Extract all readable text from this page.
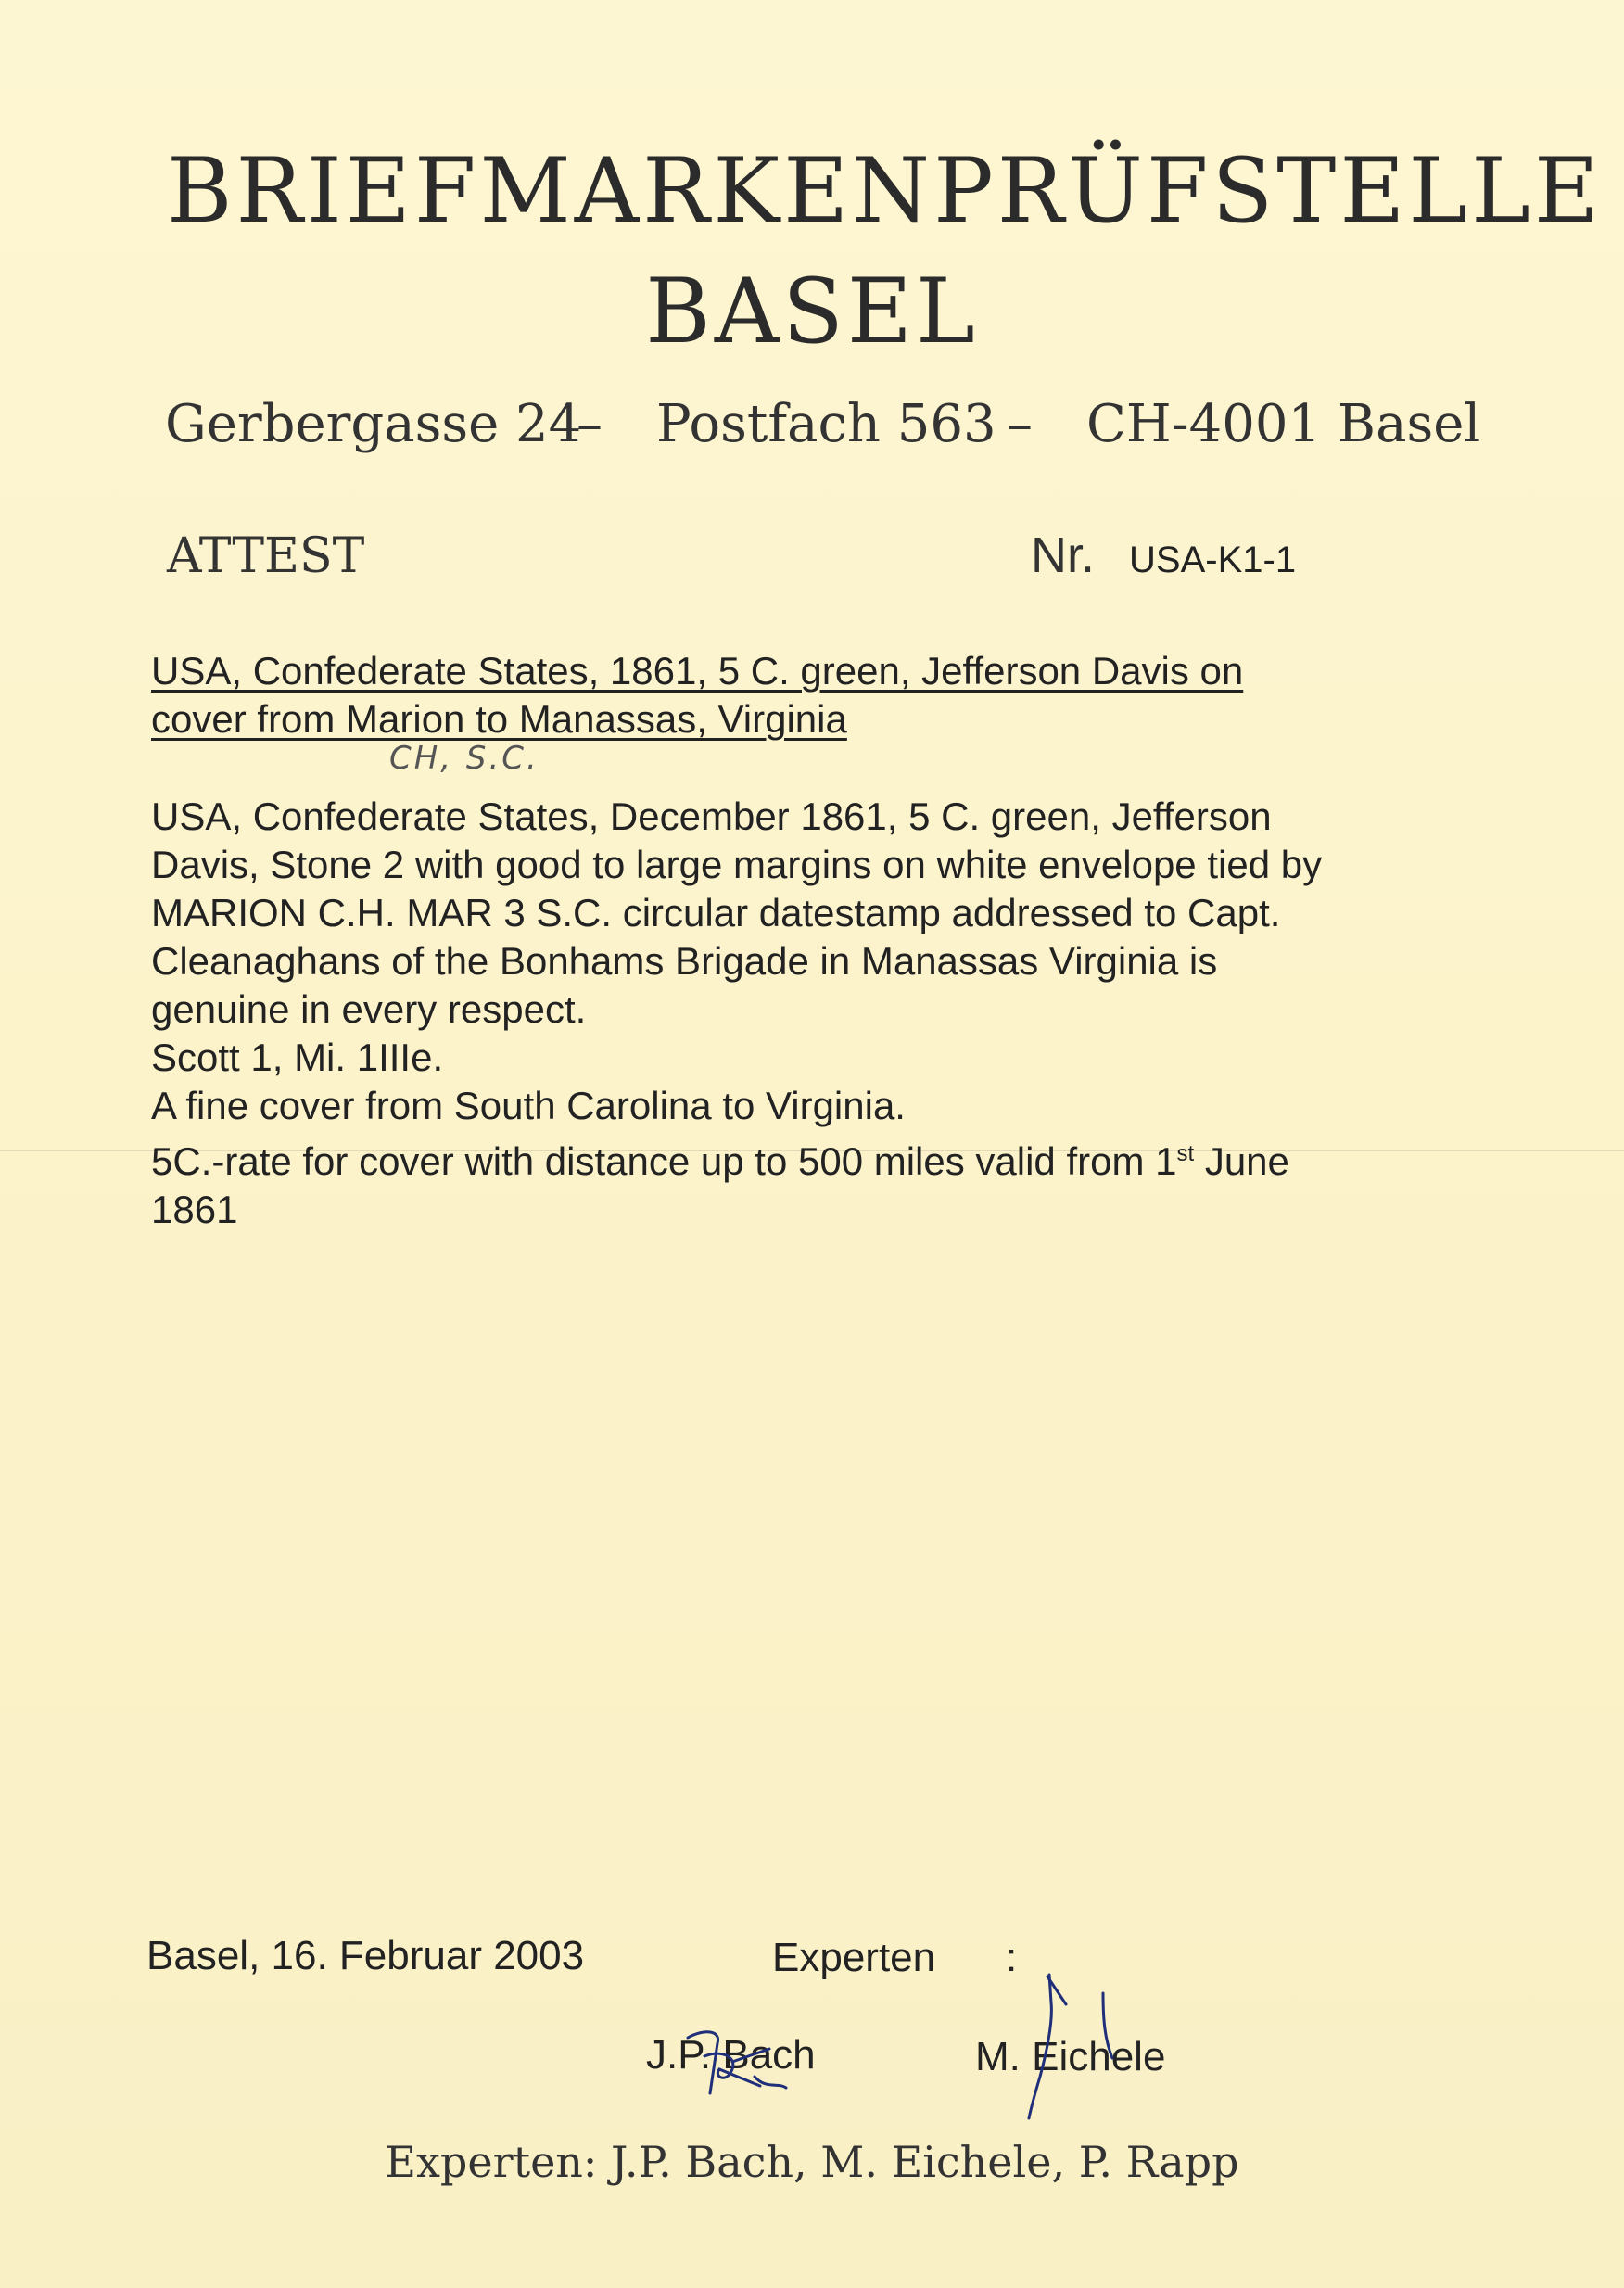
BRIEFMARKENPRÜFSTELLE
BASEL
Gerbergasse 24
– Postfach 563 – CH-4001 Basel
ATTEST	Nr. USA-K1-1
USA, Confederate States, 1861, 5 C. green, Jefferson Davis on
cover from Marion to Manassas, Virginia
CH, S.C.
USA, Confederate States, December 1861, 5 C. green, Jefferson
Davis, Stone 2 with good to large margins on white envelope tied by
MARION C.H. MAR 3 S.C. circular datestamp addressed to Capt.
Cleanaghans of the Bonhams Brigade in Manassas Virginia is
genuine in every respect.
Scott 1, Mi. 1IIIe.
A fine cover from South Carolina to Virginia.
5C.-rate for cover with distance up to 500 miles valid from 1st June
1861
Basel, 16. Februar 2003	Experten :
J.P. Bach	M. Eichele
Experten: J.P. Bach, M. Eichele, P. Rapp
